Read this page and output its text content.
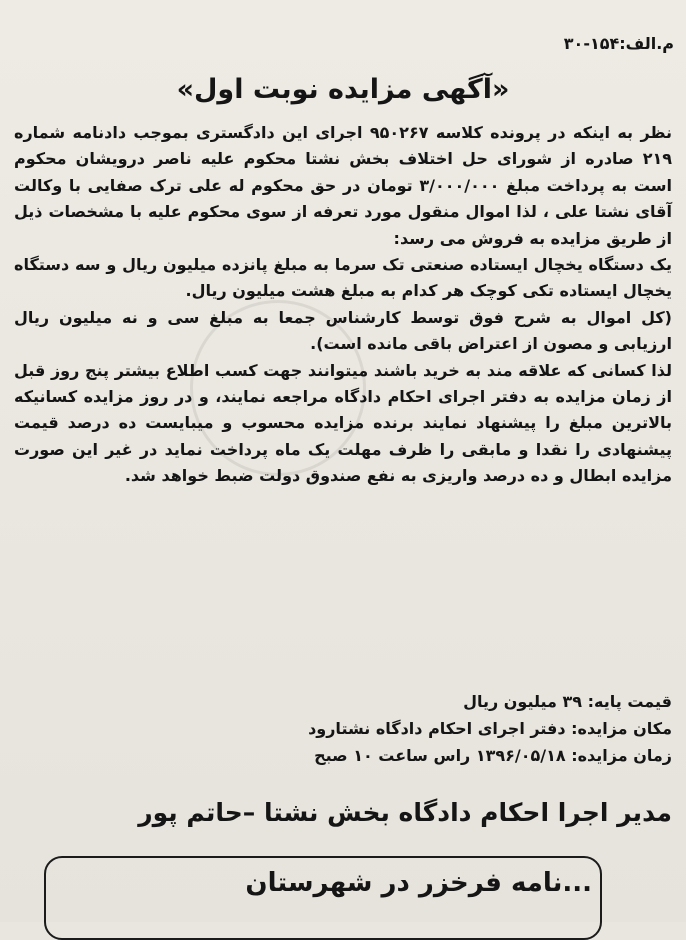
م.الف:۱۵۴-۳۰
«آگهی مزایده نوبت اول»

نظر به اینکه در پرونده کلاسه ۹۵۰۲۶۷ اجرای این دادگستری بموجب دادنامه شماره ۲۱۹ صادره از شورای حل اختلاف بخش نشتا محکوم علیه ناصر درویشان محکوم است به پرداخت مبلغ ۳/۰۰۰/۰۰۰ تومان در حق محکوم له علی ترک صفایی با وکالت آقای نشتا علی ، لذا اموال منقول مورد تعرفه از سوی محکوم علیه با مشخصات ذیل از طریق مزایده به فروش می رسد:

یک دستگاه یخچال ایستاده صنعتی تک سرما به مبلغ پانزده میلیون ریال و سه دستگاه یخچال ایستاده تکی کوچک هر کدام به مبلغ هشت میلیون ریال.

(کل اموال به شرح فوق توسط کارشناس جمعا به مبلغ سی و نه میلیون ریال ارزیابی و مصون از اعتراض باقی مانده است).

لذا کسانی که علاقه مند به خرید باشند میتوانند جهت کسب اطلاع بیشتر پنج روز قبل از زمان مزایده به دفتر اجرای احکام دادگاه مراجعه نمایند، و در روز مزایده کسانیکه بالاترین مبلغ را پیشنهاد نمایند برنده مزایده محسوب و میبایست ده درصد قیمت پیشنهادی را نقدا و مابقی را ظرف مهلت یک ماه پرداخت نماید در غیر این صورت مزایده ابطال و ده درصد واریزی به نفع صندوق دولت ضبط خواهد شد.

قیمت پایه: ۳۹ میلیون ریال
مکان مزایده: دفتر اجرای احکام دادگاه نشتارود
زمان مزایده: ۱۳۹۶/۰۵/۱۸ راس ساعت ۱۰ صبح
مدیر اجرا احکام دادگاه بخش نشتا –حاتم پور
...نامه فرخزر در شهرستان
